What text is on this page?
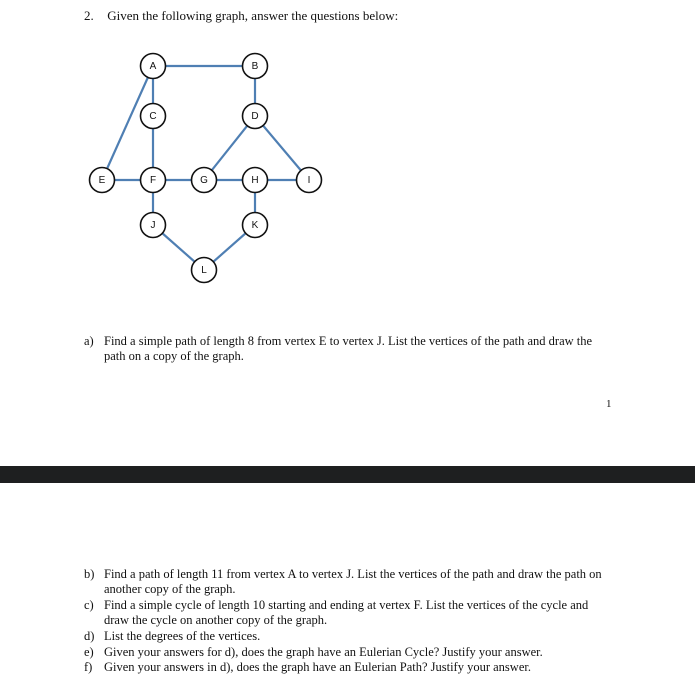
2. Given the following graph, answer the questions below:
A	B
C	D
E	F	G	H	I
J	K
L
a) Find a simple path of length 8 from vertex E to vertex J. List the vertices of the path and draw the path on a copy of the graph.
1
b) Find a path of length 11 from vertex A to vertex J. List the vertices of the path and draw the path on another copy of the graph.
c) Find a simple cycle of length 10 starting and ending at vertex F. List the vertices of the cycle and draw the cycle on another copy of the graph.
d) List the degrees of the vertices.
e) Given your answers for d), does the graph have an Eulerian Cycle? Justify your answer.
f) Given your answers in d), does the graph have an Eulerian Path? Justify your answer.
